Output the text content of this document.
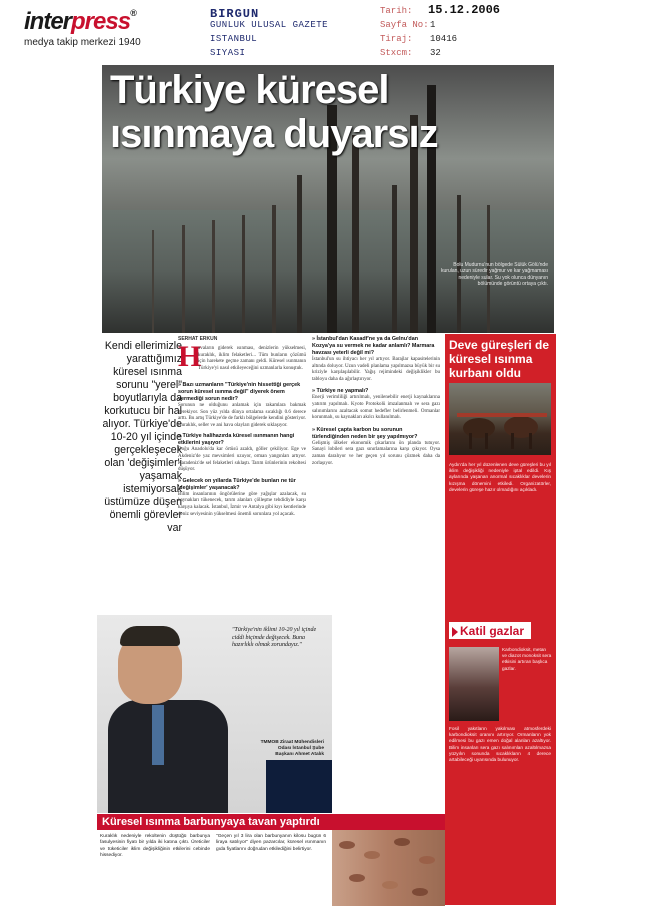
interpress®
medya takip merkezi 1940
BIRGUN
GUNLUK ULUSAL GAZETE
ISTANBUL
SIYASI
Tarih: 15.12.2006
Sayfa No: 1
Tiraj: 10416
Stxcm: 32
Türkiye küresel
ısınmaya duyarsız
Bolu Mudurnu'nun bölgede Sülük Gölü'nde kurulan, uzun süredir yağmur ve kar yağmaması nedeniyle sular. Su yok olunca dünyanın bölümünde görüntü ortaya çıktı.
Kendi ellerimizle yarattığımız küresel ısınma sorunu "yerel" boyutlarıyla da korkutucu bir hal alıyor. Türkiye'de 10-20 yıl içinde gerçekleşecek olan 'değişimler'i yaşamak istemiyorsak üstümüze düşen önemli görevler var
SERHAT ERKUN
H
avaların giderek ısınması, denizlerin yükselmesi, kuraklık, iklim felaketleri... Tüm bunların çözümü için harekete geçme zamanı geldi. Küresel ısınmanın Türkiye'yi nasıl etkileyeceğini uzmanlarla konuştuk.
» Bazı uzmanların "Türkiye'nin hissettiği gerçek sorun küresel ısınma değil" diyerek önem vermediği sorun nedir?
Sorunun ne olduğunu anlamak için rakamlara bakmak gerekiyor. Son yüz yılda dünya ortalama sıcaklığı 0.6 derece arttı. Bu artış Türkiye'de de farklı bölgelerde kendini gösteriyor. Kuraklık, seller ve ani hava olayları giderek sıklaşıyor.
» Türkiye halihazırda küresel ısınmanın hangi etkilerini yaşıyor?
Doğu Anadolu'da kar örtüsü azaldı, göller çekiliyor. Ege ve Akdeniz'de yaz mevsimleri uzuyor, orman yangınları artıyor. Karadeniz'de sel felaketleri sıklaştı. Tarım ürünlerinin rekoltesi düşüyor.
» Gelecek on yıllarda Türkiye'de bunları ne tür 'değişimler' yaşanacak?
Bilim insanlarının öngörülerine göre yağışlar azalacak, su kaynakları tükenecek, tarım alanları çölleşme tehdidiyle karşı karşıya kalacak. İstanbul, İzmir ve Antalya gibi kıyı kentlerinde deniz seviyesinin yükselmesi önemli sorunlara yol açacak.
» İstanbul'dan Kasadf'ne ya da Gelnu'dan Kozya'ya su vermek ne kadar anlamlı? Marmara havzası yeterli değil mi?
İstanbul'un su ihtiyacı her yıl artıyor. Barajlar kapasitelerinin altında doluyor. Uzun vadeli planlama yapılmazsa büyük bir su kriziyle karşılaşılabilir. Yağış rejimindeki değişiklikler bu tabloyu daha da ağırlaştırıyor.
» Türkiye ne yapmalı?
Enerji verimliliği artırılmalı, yenilenebilir enerji kaynaklarına yatırım yapılmalı. Kyoto Protokolü imzalanmalı ve sera gazı salınımlarını azaltacak somut hedefler belirlenmeli. Ormanlar korunmalı, su kaynakları akılcı kullanılmalı.
» Küresel çapta karbon bu sorunun türlendiğinden neden bir şey yapılmıyor?
Gelişmiş ülkeler ekonomik çıkarlarını ön planda tutuyor. Sanayi lobileri sera gazı sınırlamalarına karşı çıkıyor. Oysa zaman daralıyor ve her geçen yıl sorunu çözmek daha da zorlaşıyor.
"Türkiye'nin iklimi 10-20 yıl içinde ciddi biçimde değişecek. Buna hazırlıklı olmak zorundayız."
TMMOB Ziraat Mühendisleri Odası İstanbul Şube Başkanı Ahmet Atalık
Deve güreşleri de küresel ısınma kurbanı oldu
Aydın'da her yıl düzenlenen deve güreşleri bu yıl iklim değişikliği nedeniyle iptal edildi. Kış aylarında yaşanan anormal sıcaklıklar develerin kızışma dönemini etkiledi. Organizatörler, develerin güreşe hazır olmadığını açıkladı.
Katil gazlar
Karbondioksit, metan ve diazot monoksit sera etkisini artıran başlıca gazlar.
Fosil yakıtların yakılması atmosferdeki karbondioksit oranını artırıyor. Ormanların yok edilmesi bu gazı emen doğal alanları azaltıyor. Bilim insanları sera gazı salınımları azaltılmazsa yüzyılın sonunda sıcaklıkların 4 derece artabileceği uyarısında bulunuyor.
Küresel ısınma barbunyaya tavan yaptırdı
Kuraklık nedeniyle rekoltenin düştüğü barbunya fasulyesinin fiyatı bir yılda iki katına çıktı. Üreticiler ve tüketiciler iklim değişikliğinin etkilerini cebinde hissediyor.
"Geçen yıl 3 lira olan barbunyanın kilosu bugün 6 liraya satılıyor" diyen pazarcılar, küresel ısınmanın gıda fiyatlarını doğrudan etkilediğini belirtiyor.
